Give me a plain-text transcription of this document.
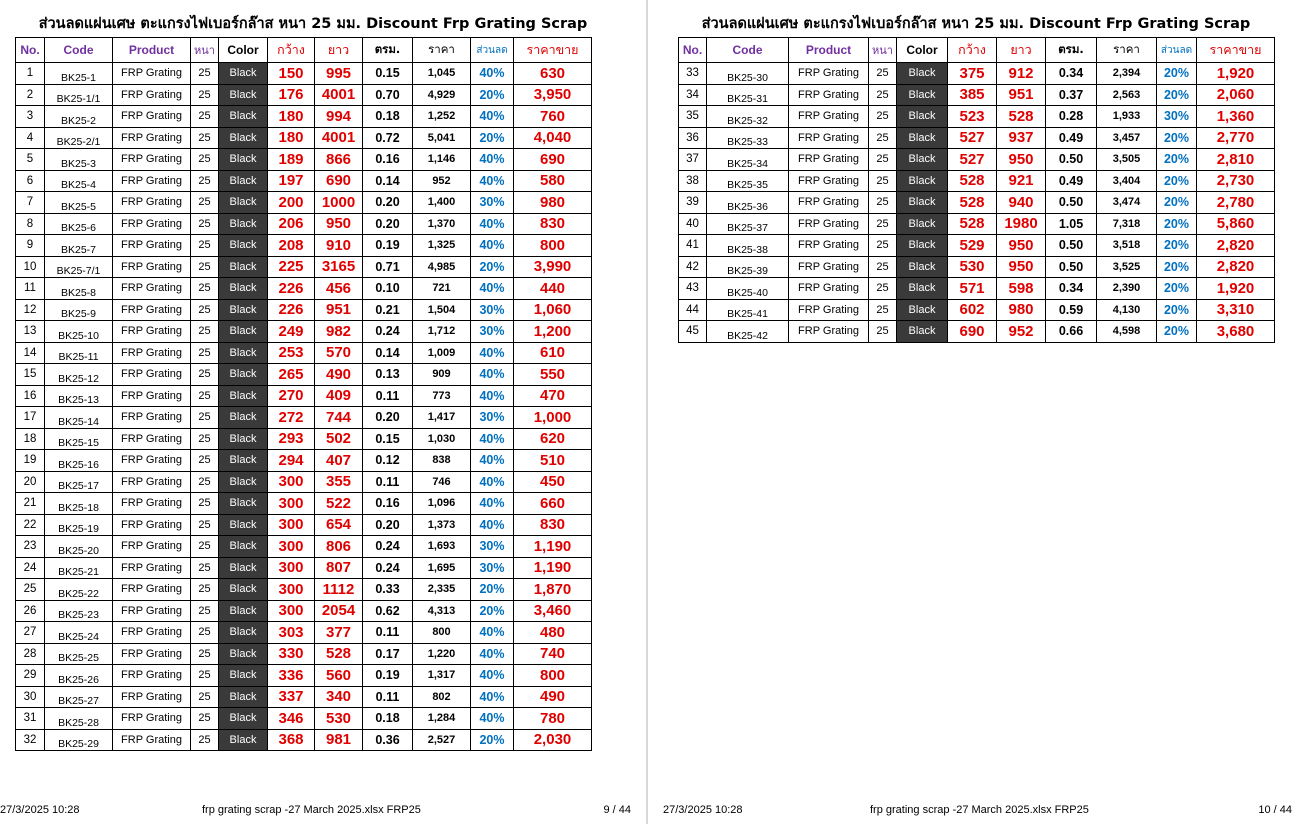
ส่วนลดแผ่นเศษ ตะแกรงไฟเบอร์กล๊าส หนา 25 มม. Discount Frp Grating Scrap
No.	Code	Product	หนา	Color	กว้าง	ยาว	ตรม.	ราคา	ส่วนลด	ราคาขาย
1	BK25-1	FRP Grating	25	Black	150	995	0.15	1,045	40%	630
2	BK25-1/1	FRP Grating	25	Black	176	4001	0.70	4,929	20%	3,950
3	BK25-2	FRP Grating	25	Black	180	994	0.18	1,252	40%	760
4	BK25-2/1	FRP Grating	25	Black	180	4001	0.72	5,041	20%	4,040
5	BK25-3	FRP Grating	25	Black	189	866	0.16	1,146	40%	690
6	BK25-4	FRP Grating	25	Black	197	690	0.14	952	40%	580
7	BK25-5	FRP Grating	25	Black	200	1000	0.20	1,400	30%	980
8	BK25-6	FRP Grating	25	Black	206	950	0.20	1,370	40%	830
9	BK25-7	FRP Grating	25	Black	208	910	0.19	1,325	40%	800
10	BK25-7/1	FRP Grating	25	Black	225	3165	0.71	4,985	20%	3,990
11	BK25-8	FRP Grating	25	Black	226	456	0.10	721	40%	440
12	BK25-9	FRP Grating	25	Black	226	951	0.21	1,504	30%	1,060
13	BK25-10	FRP Grating	25	Black	249	982	0.24	1,712	30%	1,200
14	BK25-11	FRP Grating	25	Black	253	570	0.14	1,009	40%	610
15	BK25-12	FRP Grating	25	Black	265	490	0.13	909	40%	550
16	BK25-13	FRP Grating	25	Black	270	409	0.11	773	40%	470
17	BK25-14	FRP Grating	25	Black	272	744	0.20	1,417	30%	1,000
18	BK25-15	FRP Grating	25	Black	293	502	0.15	1,030	40%	620
19	BK25-16	FRP Grating	25	Black	294	407	0.12	838	40%	510
20	BK25-17	FRP Grating	25	Black	300	355	0.11	746	40%	450
21	BK25-18	FRP Grating	25	Black	300	522	0.16	1,096	40%	660
22	BK25-19	FRP Grating	25	Black	300	654	0.20	1,373	40%	830
23	BK25-20	FRP Grating	25	Black	300	806	0.24	1,693	30%	1,190
24	BK25-21	FRP Grating	25	Black	300	807	0.24	1,695	30%	1,190
25	BK25-22	FRP Grating	25	Black	300	1112	0.33	2,335	20%	1,870
26	BK25-23	FRP Grating	25	Black	300	2054	0.62	4,313	20%	3,460
27	BK25-24	FRP Grating	25	Black	303	377	0.11	800	40%	480
28	BK25-25	FRP Grating	25	Black	330	528	0.17	1,220	40%	740
29	BK25-26	FRP Grating	25	Black	336	560	0.19	1,317	40%	800
30	BK25-27	FRP Grating	25	Black	337	340	0.11	802	40%	490
31	BK25-28	FRP Grating	25	Black	346	530	0.18	1,284	40%	780
32	BK25-29	FRP Grating	25	Black	368	981	0.36	2,527	20%	2,030
27/3/2025 10:28	frp grating scrap -27 March 2025.xlsx FRP25	9 / 44
ส่วนลดแผ่นเศษ ตะแกรงไฟเบอร์กล๊าส หนา 25 มม. Discount Frp Grating Scrap
No.	Code	Product	หนา	Color	กว้าง	ยาว	ตรม.	ราคา	ส่วนลด	ราคาขาย
33	BK25-30	FRP Grating	25	Black	375	912	0.34	2,394	20%	1,920
34	BK25-31	FRP Grating	25	Black	385	951	0.37	2,563	20%	2,060
35	BK25-32	FRP Grating	25	Black	523	528	0.28	1,933	30%	1,360
36	BK25-33	FRP Grating	25	Black	527	937	0.49	3,457	20%	2,770
37	BK25-34	FRP Grating	25	Black	527	950	0.50	3,505	20%	2,810
38	BK25-35	FRP Grating	25	Black	528	921	0.49	3,404	20%	2,730
39	BK25-36	FRP Grating	25	Black	528	940	0.50	3,474	20%	2,780
40	BK25-37	FRP Grating	25	Black	528	1980	1.05	7,318	20%	5,860
41	BK25-38	FRP Grating	25	Black	529	950	0.50	3,518	20%	2,820
42	BK25-39	FRP Grating	25	Black	530	950	0.50	3,525	20%	2,820
43	BK25-40	FRP Grating	25	Black	571	598	0.34	2,390	20%	1,920
44	BK25-41	FRP Grating	25	Black	602	980	0.59	4,130	20%	3,310
45	BK25-42	FRP Grating	25	Black	690	952	0.66	4,598	20%	3,680
27/3/2025 10:28	frp grating scrap -27 March 2025.xlsx FRP25	10 / 44
